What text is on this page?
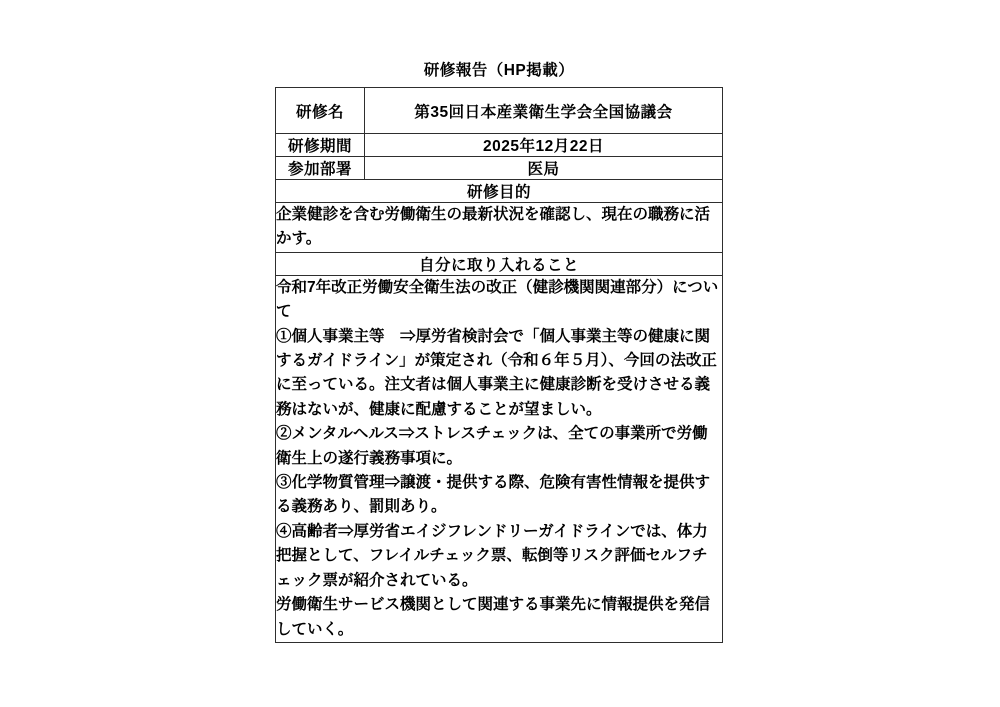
研修報告（HP掲載）
研修名	第35回日本産業衛生学会全国協議会
研修期間	2025年12月22日
参加部署	医局
研修目的	
企業健診を含む労働衛生の最新状況を確認し、現在の職務に活かす。	
自分に取り入れること	

令和7年改正労働安全衛生法の改正（健診機関関連部分）について

①個人事業主等　⇒厚労省検討会で「個人事業主等の健康に関するガイドライン」が策定され（令和６年５月）、今回の法改正に至っている。注文者は個人事業主に健康診断を受けさせる義務はないが、健康に配慮することが望ましい。

②メンタルヘルス⇒ストレスチェックは、全ての事業所で労働衛生上の遂行義務事項に。

③化学物質管理⇒譲渡・提供する際、危険有害性情報を提供する義務あり、罰則あり。

④高齢者⇒厚労省エイジフレンドリーガイドラインでは、体力把握として、フレイルチェック票、転倒等リスク評価セルフチェック票が紹介されている。

労働衛生サービス機関として関連する事業先に情報提供を発信していく。
